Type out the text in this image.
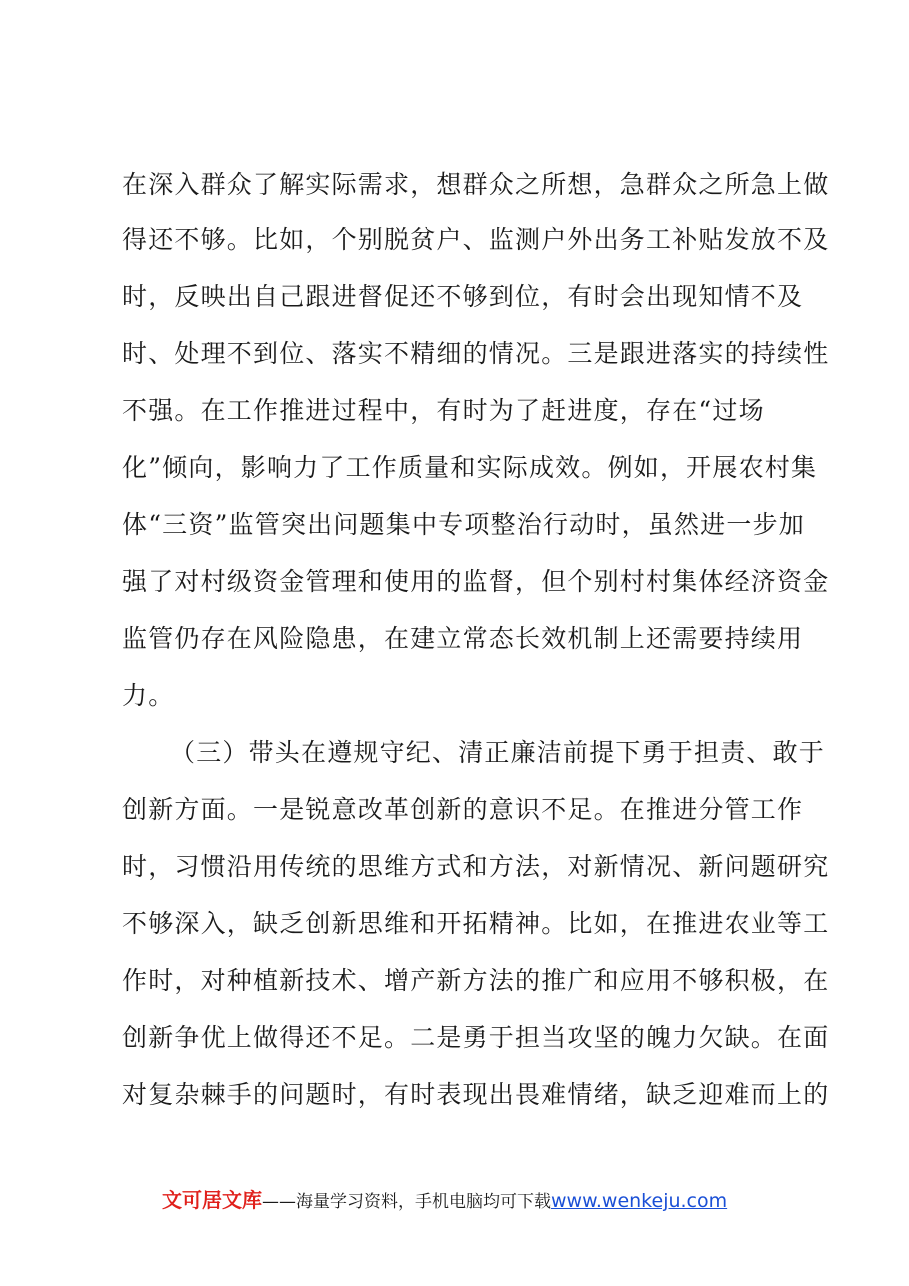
在深入群众了解实际需求，想群众之所想，急群众之所急上做
得还不够。比如，个别脱贫户、监测户外出务工补贴发放不及
时，反映出自己跟进督促还不够到位，有时会出现知情不及
时、处理不到位、落实不精细的情况。三是跟进落实的持续性
不强。在工作推进过程中，有时为了赶进度，存在“过场
化”倾向，影响力了工作质量和实际成效。例如，开展农村集
体“三资”监管突出问题集中专项整治行动时，虽然进一步加
强了对村级资金管理和使用的监督，但个别村村集体经济资金
监管仍存在风险隐患，在建立常态长效机制上还需要持续用
力。
（三）带头在遵规守纪、清正廉洁前提下勇于担责、敢于
创新方面。一是锐意改革创新的意识不足。在推进分管工作
时，习惯沿用传统的思维方式和方法，对新情况、新问题研究
不够深入，缺乏创新思维和开拓精神。比如，在推进农业等工
作时，对种植新技术、增产新方法的推广和应用不够积极，在
创新争优上做得还不足。二是勇于担当攻坚的魄力欠缺。在面
对复杂棘手的问题时，有时表现出畏难情绪，缺乏迎难而上的
文可居文库 ——海量学习资料，手机电脑均可下载 www.wenkeju.com
